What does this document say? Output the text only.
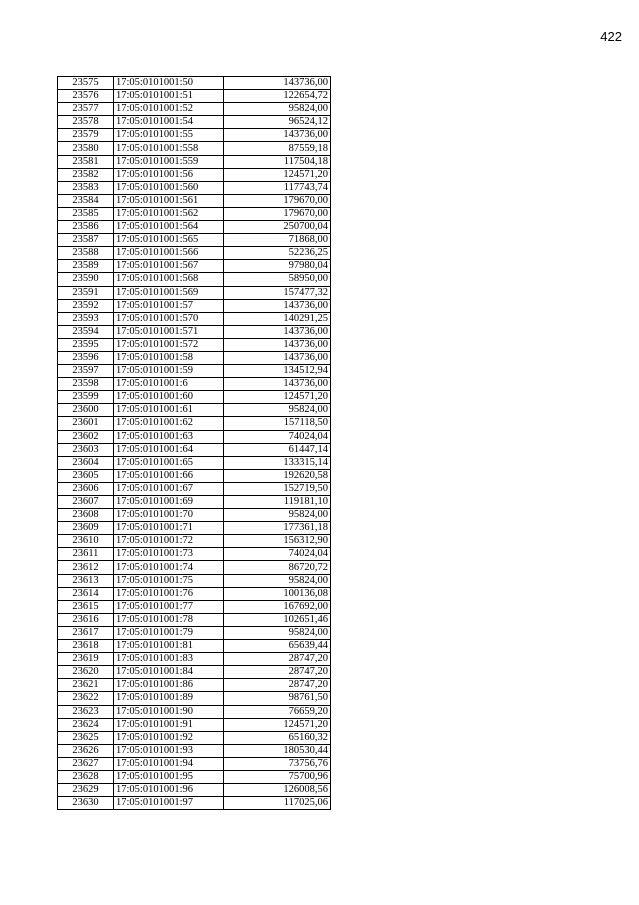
422
23575	17:05:0101001:50	143736,00
23576	17:05:0101001:51	122654,72
23577	17:05:0101001:52	95824,00
23578	17:05:0101001:54	96524,12
23579	17:05:0101001:55	143736,00
23580	17:05:0101001:558	87559,18
23581	17:05:0101001:559	117504,18
23582	17:05:0101001:56	124571,20
23583	17:05:0101001:560	117743,74
23584	17:05:0101001:561	179670,00
23585	17:05:0101001:562	179670,00
23586	17:05:0101001:564	250700,04
23587	17:05:0101001:565	71868,00
23588	17:05:0101001:566	52236,25
23589	17:05:0101001:567	97980,04
23590	17:05:0101001:568	58950,00
23591	17:05:0101001:569	157477,32
23592	17:05:0101001:57	143736,00
23593	17:05:0101001:570	140291,25
23594	17:05:0101001:571	143736,00
23595	17:05:0101001:572	143736,00
23596	17:05:0101001:58	143736,00
23597	17:05:0101001:59	134512,94
23598	17:05:0101001:6	143736,00
23599	17:05:0101001:60	124571,20
23600	17:05:0101001:61	95824,00
23601	17:05:0101001:62	157118,50
23602	17:05:0101001:63	74024,04
23603	17:05:0101001:64	61447,14
23604	17:05:0101001:65	133315,14
23605	17:05:0101001:66	192620,58
23606	17:05:0101001:67	152719,50
23607	17:05:0101001:69	119181,10
23608	17:05:0101001:70	95824,00
23609	17:05:0101001:71	177361,18
23610	17:05:0101001:72	156312,90
23611	17:05:0101001:73	74024,04
23612	17:05:0101001:74	86720,72
23613	17:05:0101001:75	95824,00
23614	17:05:0101001:76	100136,08
23615	17:05:0101001:77	167692,00
23616	17:05:0101001:78	102651,46
23617	17:05:0101001:79	95824,00
23618	17:05:0101001:81	65639,44
23619	17:05:0101001:83	28747,20
23620	17:05:0101001:84	28747,20
23621	17:05:0101001:86	28747,20
23622	17:05:0101001:89	98761,50
23623	17:05:0101001:90	76659,20
23624	17:05:0101001:91	124571,20
23625	17:05:0101001:92	65160,32
23626	17:05:0101001:93	180530,44
23627	17:05:0101001:94	73756,76
23628	17:05:0101001:95	75700,96
23629	17:05:0101001:96	126008,56
23630	17:05:0101001:97	117025,06
